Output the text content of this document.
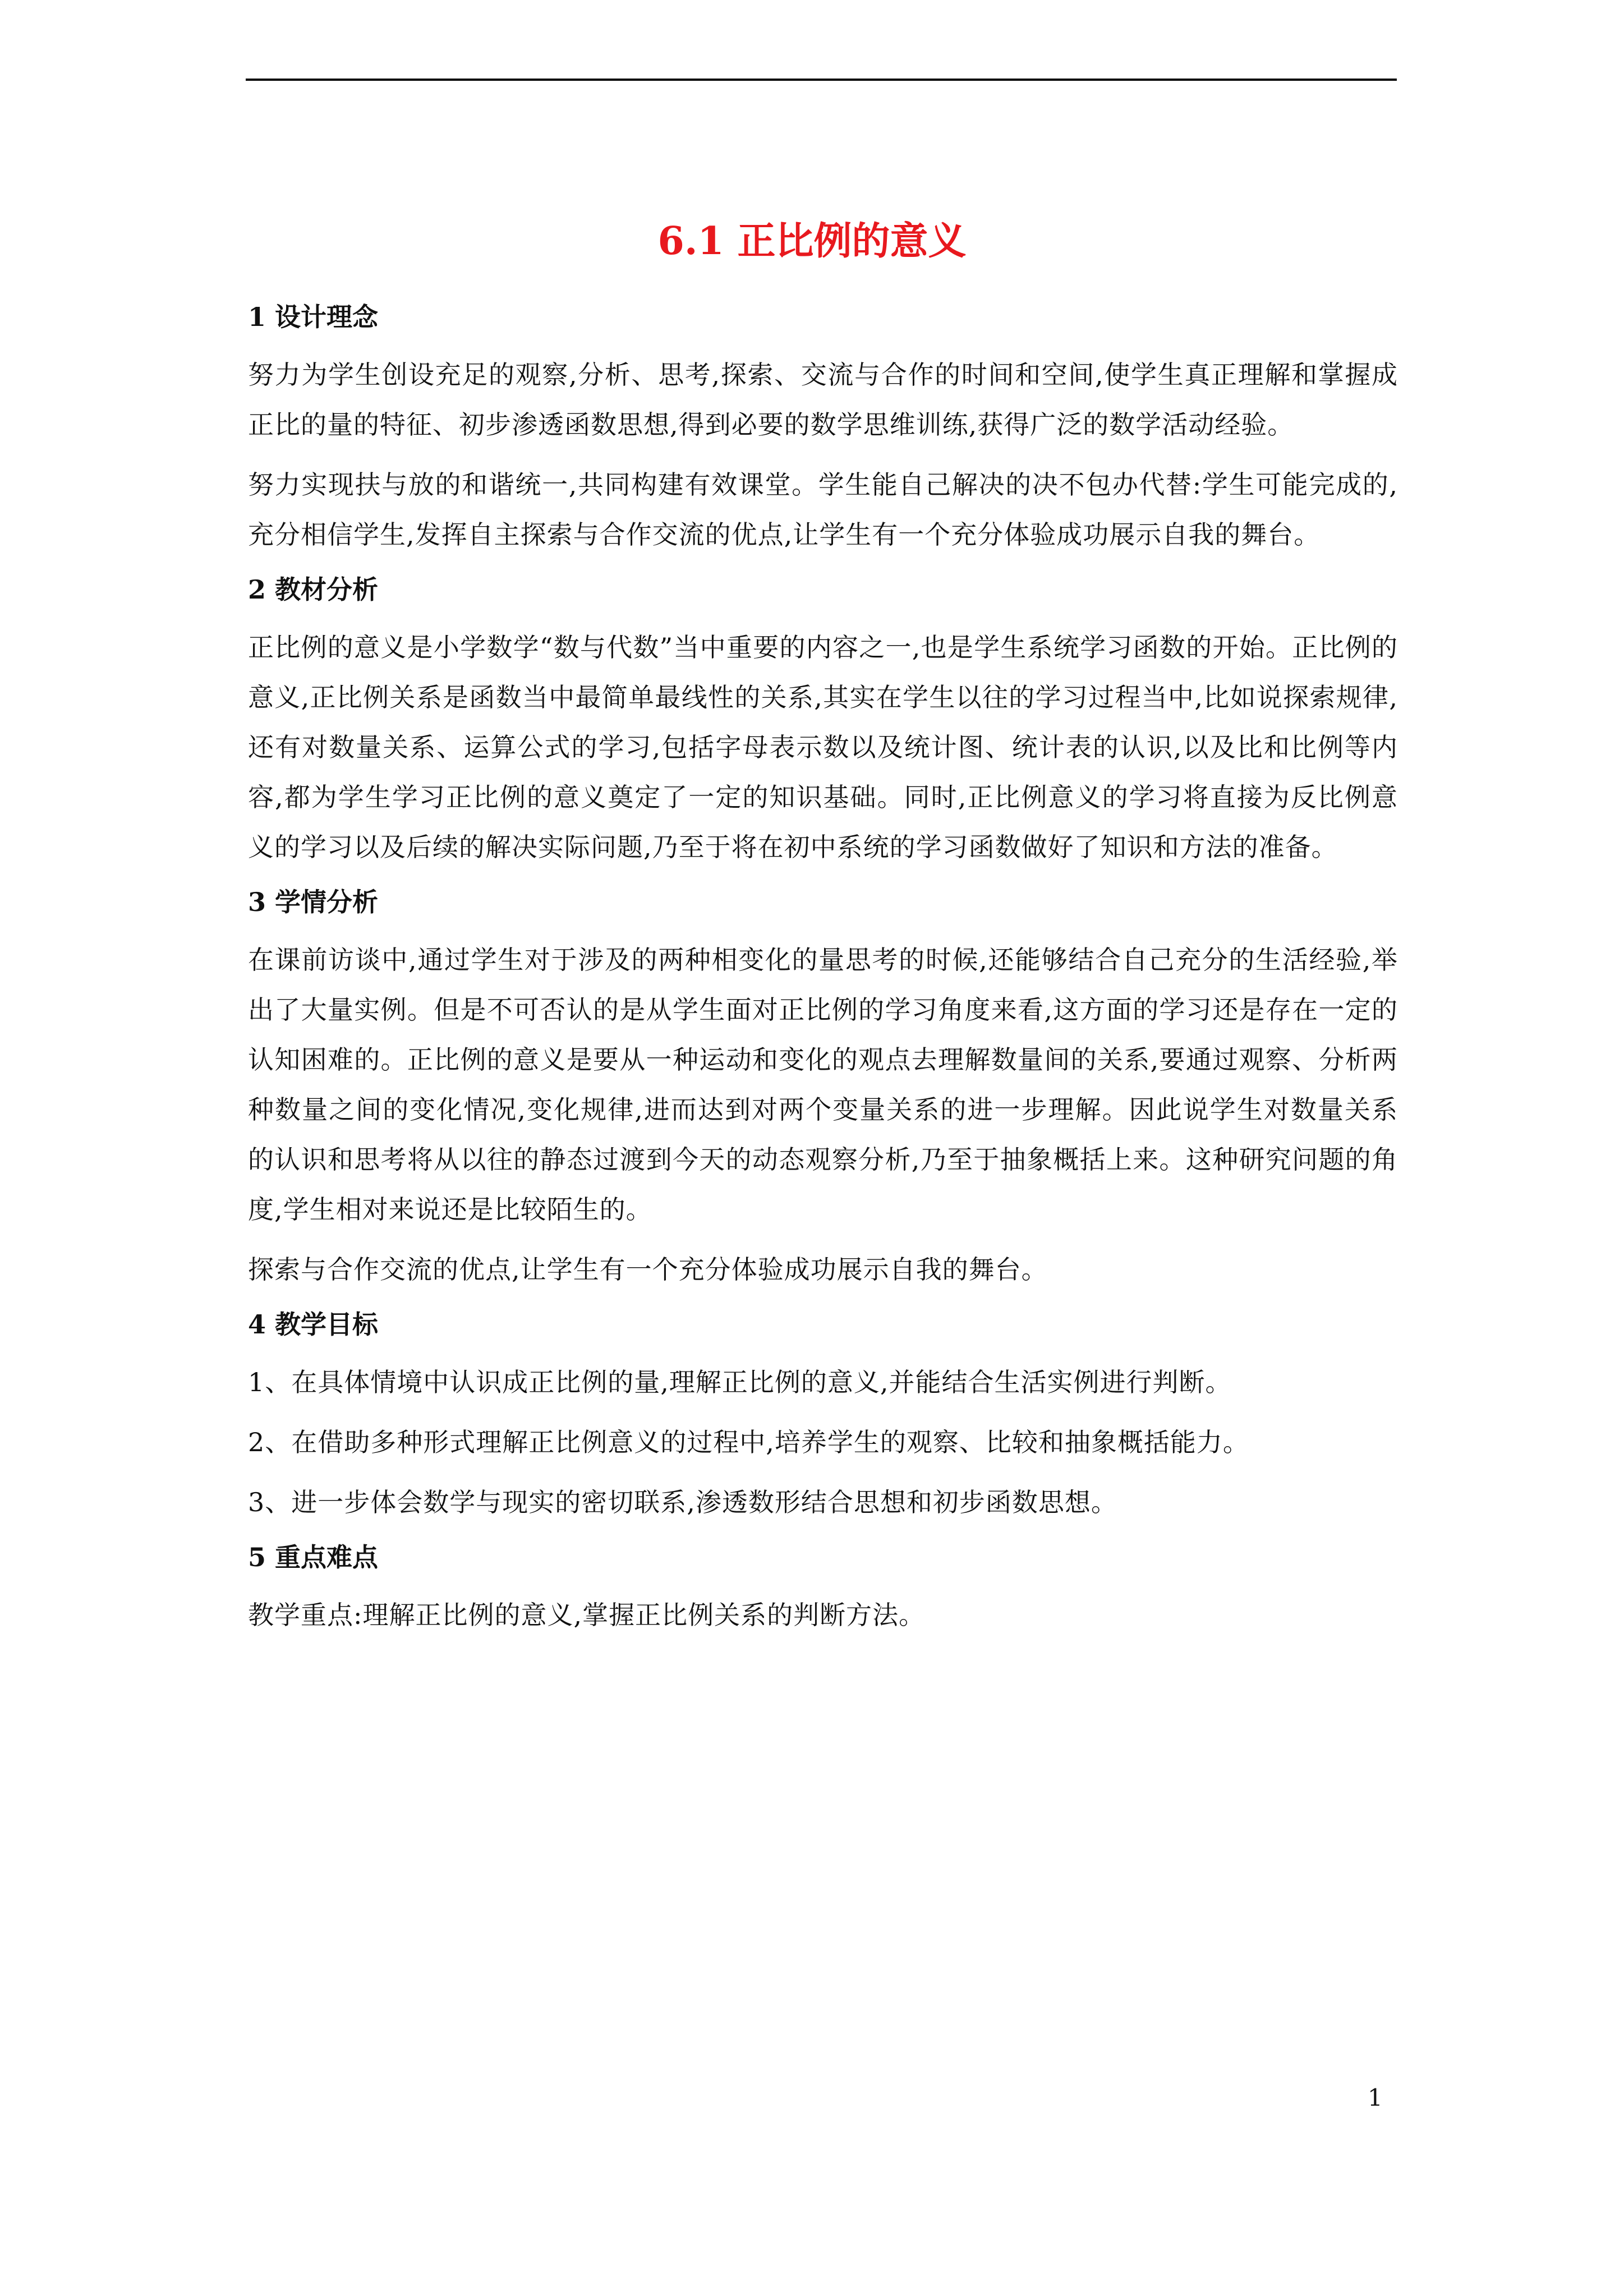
6.1 正比例的意义

1 设计理念

努力为学生创设充足的观察,分析、思考,探索、交流与合作的时间和空间,使学生真正理解和掌握成正比的量的特征、初步渗透函数思想,得到必要的数学思维训练,获得广泛的数学活动经验。

努力实现扶与放的和谐统一,共同构建有效课堂。学生能自己解决的决不包办代替:学生可能完成的,充分相信学生,发挥自主探索与合作交流的优点,让学生有一个充分体验成功展示自我的舞台。

2 教材分析

正比例的意义是小学数学“数与代数”当中重要的内容之一,也是学生系统学习函数的开始。正比例的意义,正比例关系是函数当中最简单最线性的关系,其实在学生以往的学习过程当中,比如说探索规律,还有对数量关系、运算公式的学习,包括字母表示数以及统计图、统计表的认识,以及比和比例等内容,都为学生学习正比例的意义奠定了一定的知识基础。同时,正比例意义的学习将直接为反比例意义的学习以及后续的解决实际问题,乃至于将在初中系统的学习函数做好了知识和方法的准备。

3 学情分析

在课前访谈中,通过学生对于涉及的两种相变化的量思考的时候,还能够结合自己充分的生活经验,举出了大量实例。但是不可否认的是从学生面对正比例的学习角度来看,这方面的学习还是存在一定的认知困难的。正比例的意义是要从一种运动和变化的观点去理解数量间的关系,要通过观察、分析两种数量之间的变化情况,变化规律,进而达到对两个变量关系的进一步理解。因此说学生对数量关系的认识和思考将从以往的静态过渡到今天的动态观察分析,乃至于抽象概括上来。这种研究问题的角度,学生相对来说还是比较陌生的。

探索与合作交流的优点,让学生有一个充分体验成功展示自我的舞台。

4 教学目标

1、在具体情境中认识成正比例的量,理解正比例的意义,并能结合生活实例进行判断。

2、在借助多种形式理解正比例意义的过程中,培养学生的观察、比较和抽象概括能力。

3、进一步体会数学与现实的密切联系,渗透数形结合思想和初步函数思想。

5 重点难点

教学重点:理解正比例的意义,掌握正比例关系的判断方法。

1
